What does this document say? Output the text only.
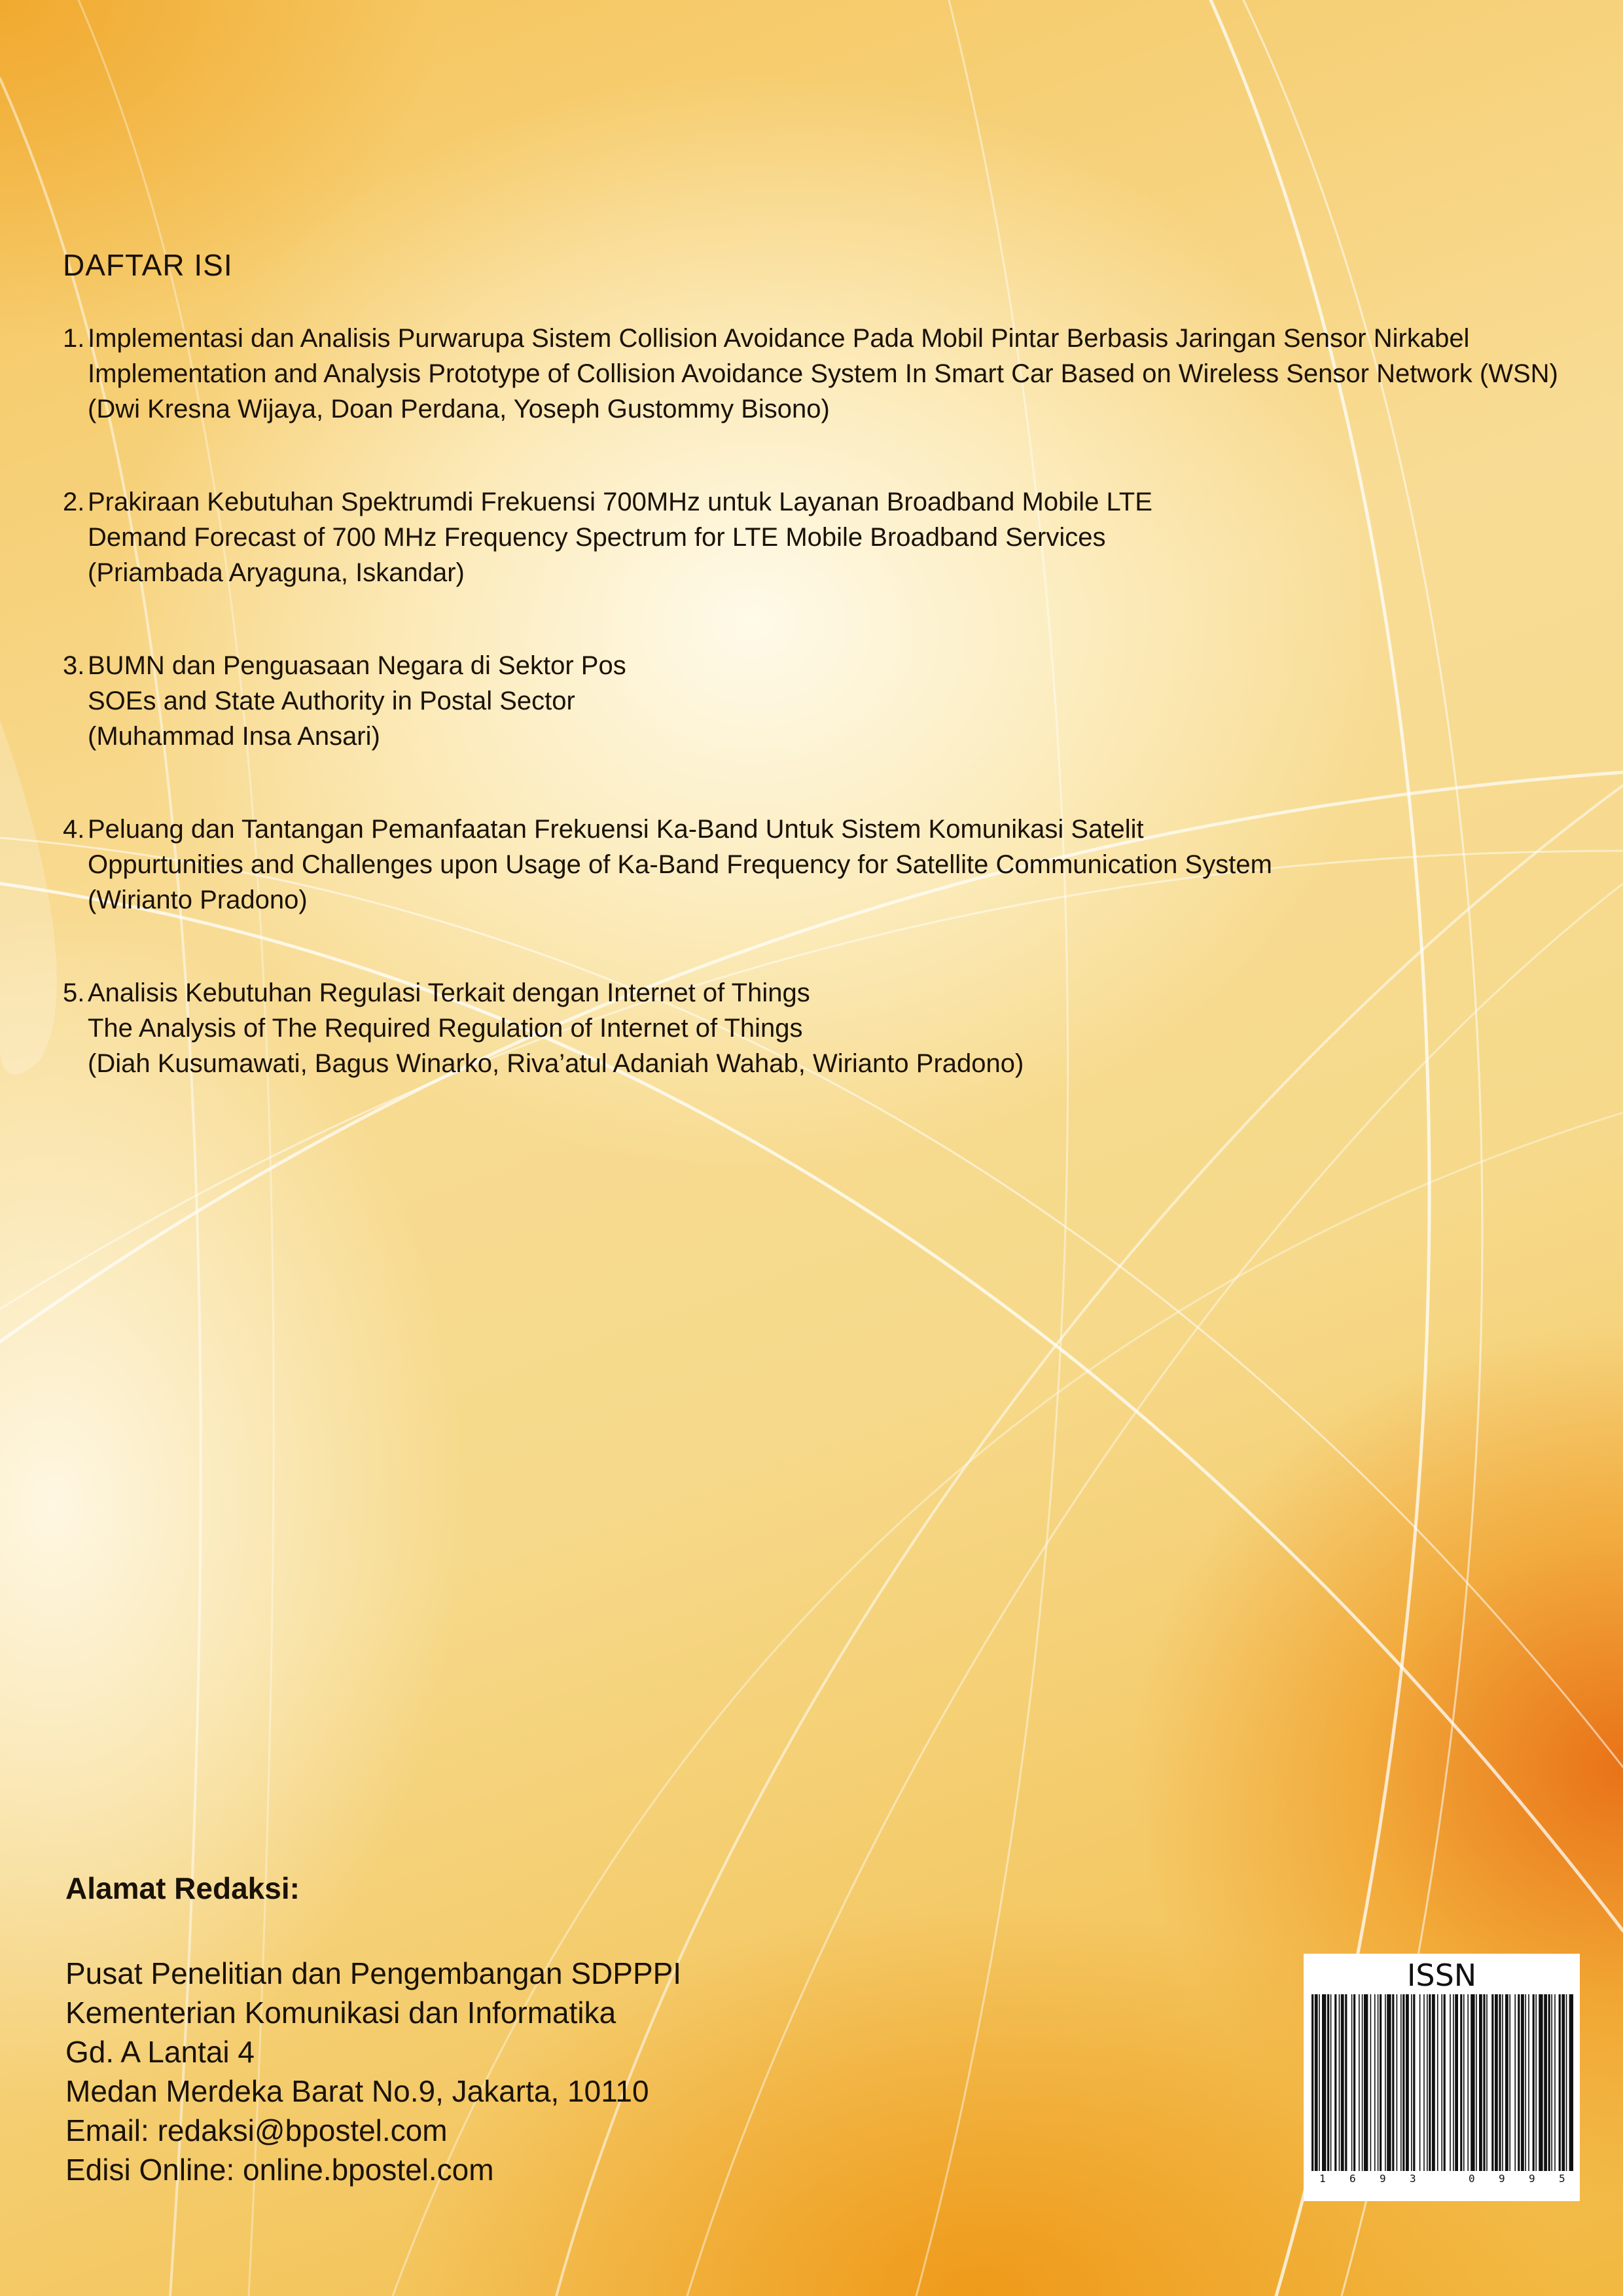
DAFTAR ISI
1. Implementasi dan Analisis Purwarupa Sistem Collision Avoidance Pada Mobil Pintar Berbasis Jaringan Sensor Nirkabel
Implementation and Analysis Prototype of Collision Avoidance System In Smart Car Based on Wireless Sensor Network (WSN)
(Dwi Kresna Wijaya, Doan Perdana, Yoseph Gustommy Bisono)
2. Prakiraan Kebutuhan Spektrumdi Frekuensi 700MHz untuk Layanan Broadband Mobile LTE
Demand Forecast of 700 MHz Frequency Spectrum for LTE Mobile Broadband Services
(Priambada Aryaguna, Iskandar)
3. BUMN dan Penguasaan Negara di Sektor Pos
SOEs and State Authority in Postal Sector
(Muhammad Insa Ansari)
4. Peluang dan Tantangan Pemanfaatan Frekuensi Ka-Band Untuk Sistem Komunikasi Satelit
Oppurtunities and Challenges upon Usage of Ka-Band Frequency for Satellite Communication System
(Wirianto Pradono)
5. Analisis Kebutuhan Regulasi Terkait dengan Internet of Things
The Analysis of The Required Regulation of Internet of Things
(Diah Kusumawati, Bagus Winarko, Riva’atul Adaniah Wahab, Wirianto Pradono)
Alamat Redaksi:
Pusat Penelitian dan Pengembangan SDPPPI
Kementerian Komunikasi dan Informatika
Gd. A Lantai 4
Medan Merdeka Barat No.9, Jakarta, 10110
Email: redaksi@bpostel.com
Edisi Online: online.bpostel.com
ISSN
1 6 9 3	0 9 9 5
